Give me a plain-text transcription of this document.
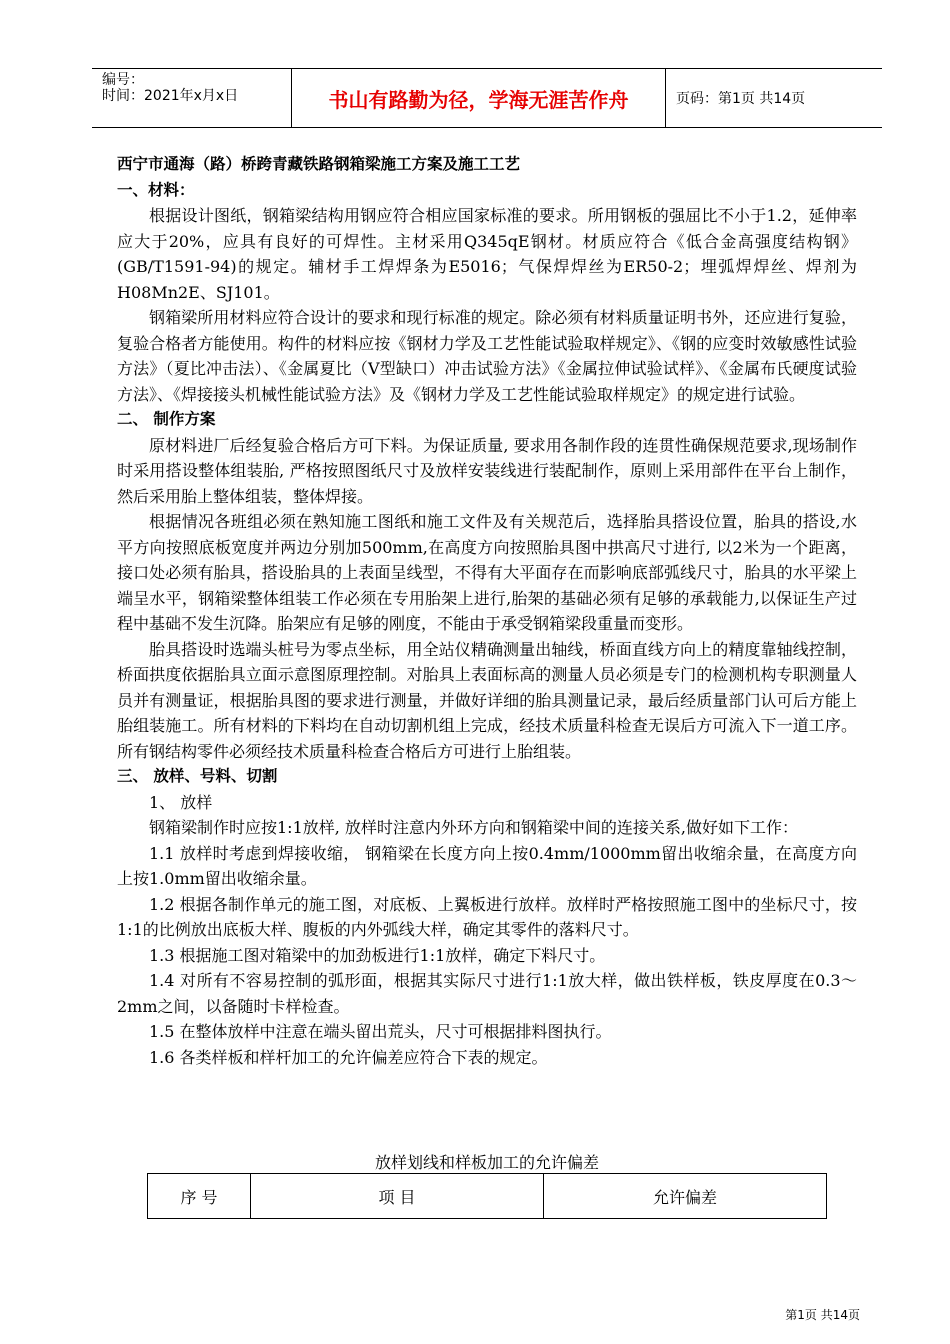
编号：
时间：2021年x月x日	书山有路勤为径，学海无涯苦作舟	页码：第1页 共14页

西宁市通海（路）桥跨青藏铁路钢箱梁施工方案及施工工艺

一、材料：

根据设计图纸，钢箱梁结构用钢应符合相应国家标准的要求。所用钢板的强屈比不小于1.2，延伸率应大于20%，应具有良好的可焊性。主材采用Q345qE钢材。材质应符合《低合金高强度结构钢》(GB/T1591-94)的规定。辅材手工焊焊条为E5016；气保焊焊丝为ER50-2；埋弧焊焊丝、焊剂为H08Mn2E、SJ101。

钢箱梁所用材料应符合设计的要求和现行标准的规定。除必须有材料质量证明书外，还应进行复验，复验合格者方能使用。构件的材料应按《钢材力学及工艺性能试验取样规定》、《钢的应变时效敏感性试验方法》（夏比冲击法）、《金属夏比（V型缺口）冲击试验方法》《金属拉伸试验试样》、《金属布氏硬度试验方法》、《焊接接头机械性能试验方法》及《钢材力学及工艺性能试验取样规定》的规定进行试验。

二、 制作方案

原材料进厂后经复验合格后方可下料。为保证质量, 要求用各制作段的连贯性确保规范要求,现场制作时采用搭设整体组装胎, 严格按照图纸尺寸及放样安装线进行装配制作，原则上采用部件在平台上制作，然后采用胎上整体组装，整体焊接。

根据情况各班组必须在熟知施工图纸和施工文件及有关规范后，选择胎具搭设位置，胎具的搭设,水平方向按照底板宽度并两边分别加500mm,在高度方向按照胎具图中拱高尺寸进行, 以2米为一个距离，接口处必须有胎具，搭设胎具的上表面呈线型，不得有大平面存在而影响底部弧线尺寸，胎具的水平梁上端呈水平，钢箱梁整体组装工作必须在专用胎架上进行,胎架的基础必须有足够的承载能力,以保证生产过程中基础不发生沉降。胎架应有足够的刚度，不能由于承受钢箱梁段重量而变形。

胎具搭设时选端头桩号为零点坐标，用全站仪精确测量出轴线，桥面直线方向上的精度靠轴线控制，桥面拱度依据胎具立面示意图原理控制。对胎具上表面标高的测量人员必须是专门的检测机构专职测量人员并有测量证，根据胎具图的要求进行测量，并做好详细的胎具测量记录，最后经质量部门认可后方能上胎组装施工。所有材料的下料均在自动切割机组上完成，经技术质量科检查无误后方可流入下一道工序。所有钢结构零件必须经技术质量科检查合格后方可进行上胎组装。

三、 放样、号料、切割

1、 放样

钢箱梁制作时应按1:1放样, 放样时注意内外环方向和钢箱梁中间的连接关系,做好如下工作：

1.1 放样时考虑到焊接收缩， 钢箱梁在长度方向上按0.4mm/1000mm留出收缩余量，在高度方向上按1.0mm留出收缩余量。

1.2 根据各制作单元的施工图，对底板、上翼板进行放样。放样时严格按照施工图中的坐标尺寸，按1:1的比例放出底板大样、腹板的内外弧线大样，确定其零件的落料尺寸。

1.3 根据施工图对箱梁中的加劲板进行1:1放样，确定下料尺寸。

1.4 对所有不容易控制的弧形面，根据其实际尺寸进行1:1放大样，做出铁样板，铁皮厚度在0.3～2mm之间，以备随时卡样检查。

1.5 在整体放样中注意在端头留出荒头，尺寸可根据排料图执行。

1.6 各类样板和样杆加工的允许偏差应符合下表的规定。

放样划线和样板加工的允许偏差
序 号	项 目	允许偏差
第1页 共14页
